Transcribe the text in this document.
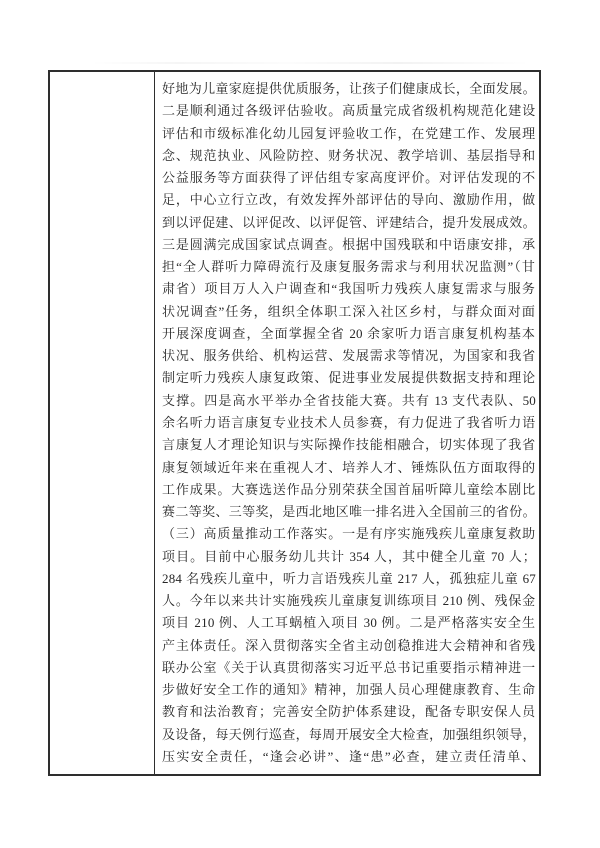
好地为儿童家庭提供优质服务，让孩子们健康成长，全面发展。
二是顺利通过各级评估验收。高质量完成省级机构规范化建设
评估和市级标准化幼儿园复评验收工作，在党建工作、发展理
念、规范执业、风险防控、财务状况、教学培训、基层指导和
公益服务等方面获得了评估组专家高度评价。对评估发现的不
足，中心立行立改，有效发挥外部评估的导向、激励作用，做
到以评促建、以评促改、以评促管、评建结合，提升发展成效。
三是圆满完成国家试点调查。根据中国残联和中语康安排，承
担“全人群听力障碍流行及康复服务需求与利用状况监测”（甘
肃省）项目万人入户调查和“我国听力残疾人康复需求与服务
状况调查”任务，组织全体职工深入社区乡村，与群众面对面
开展深度调查，全面掌握全省 20 余家听力语言康复机构基本
状况、服务供给、机构运营、发展需求等情况，为国家和我省
制定听力残疾人康复政策、促进事业发展提供数据支持和理论
支撑。四是高水平举办全省技能大赛。共有 13 支代表队、50
余名听力语言康复专业技术人员参赛，有力促进了我省听力语
言康复人才理论知识与实际操作技能相融合，切实体现了我省
康复领域近年来在重视人才、培养人才、锤炼队伍方面取得的
工作成果。大赛选送作品分别荣获全国首届听障儿童绘本剧比
赛二等奖、三等奖，是西北地区唯一排名进入全国前三的省份。
（三）高质量推动工作落实。一是有序实施残疾儿童康复救助
项目。目前中心服务幼儿共计 354 人，其中健全儿童 70 人；
284 名残疾儿童中，听力言语残疾儿童 217 人，孤独症儿童 67
人。今年以来共计实施残疾儿童康复训练项目 210 例、残保金
项目 210 例、人工耳蜗植入项目 30 例。二是严格落实安全生
产主体责任。深入贯彻落实全省主动创稳推进大会精神和省残
联办公室《关于认真贯彻落实习近平总书记重要指示精神进一
步做好安全工作的通知》精神，加强人员心理健康教育、生命
教育和法治教育；完善安全防护体系建设，配备专职安保人员
及设备，每天例行巡查，每周开展安全大检查，加强组织领导，
压实安全责任，“逢会必讲”、逢“患”必查，建立责任清单、
